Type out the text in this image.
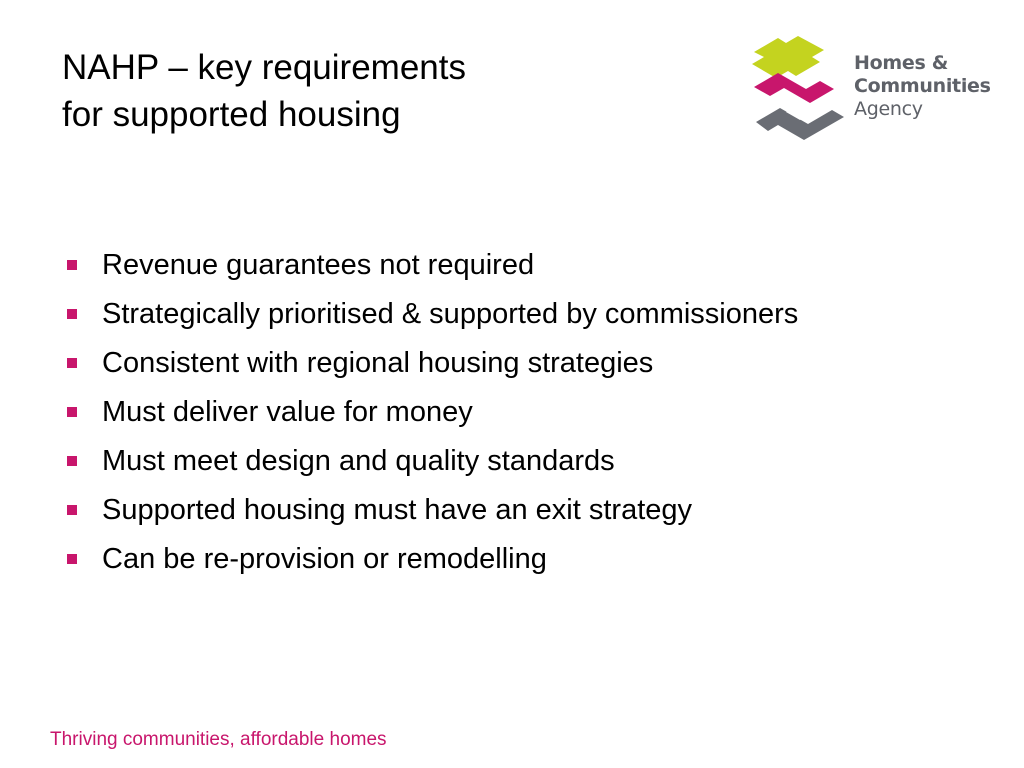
NAHP – key requirements
for supported housing
Homes &
Communities
Agency
Revenue guarantees not required
Strategically prioritised & supported by commissioners
Consistent with regional housing strategies
Must deliver value for money
Must meet design and quality standards
Supported housing must have an exit strategy
Can be re-provision or remodelling
Thriving communities, affordable homes
